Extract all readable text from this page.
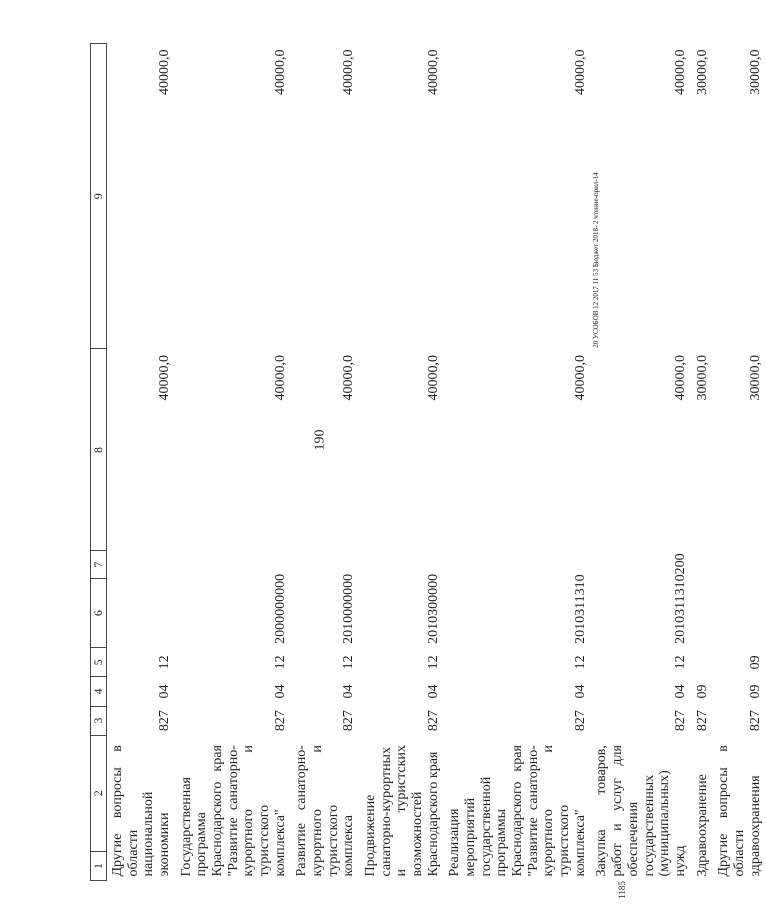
190
20 УСОБОВ 12 2017 11 53 Бюджет 2018- 2 чтение-прил-14
1185
1	2	3	4	5	6	7	8	9
Другие вопросы в области национальной экономики		827	04	12			40000,0	40000,0
Государственная программа Краснодарского края "Развитие санаторно-курортного и туристского комплекса"		827	04	12	2000000000		40000,0	40000,0
Развитие санаторно-курортного и туристского комплекса		827	04	12	2010000000		40000,0	40000,0
Продвижение санаторно-курортных и туристских возможностей Краснодарского края		827	04	12	2010300000		40000,0	40000,0
Реализация мероприятий государственной программы Краснодарского края "Развитие санаторно-курортного и туристского комплекса"		827	04	12	2010311310		40000,0	40000,0
Закупка товаров, работ и услуг для обеспечения государственных (муниципальных) нужд		827	04	12	2010311310	200	40000,0	40000,0
Здравоохранение		827	09				30000,0	30000,0
Другие вопросы в области здравоохранения		827	09	09			30000,0	30000,0
